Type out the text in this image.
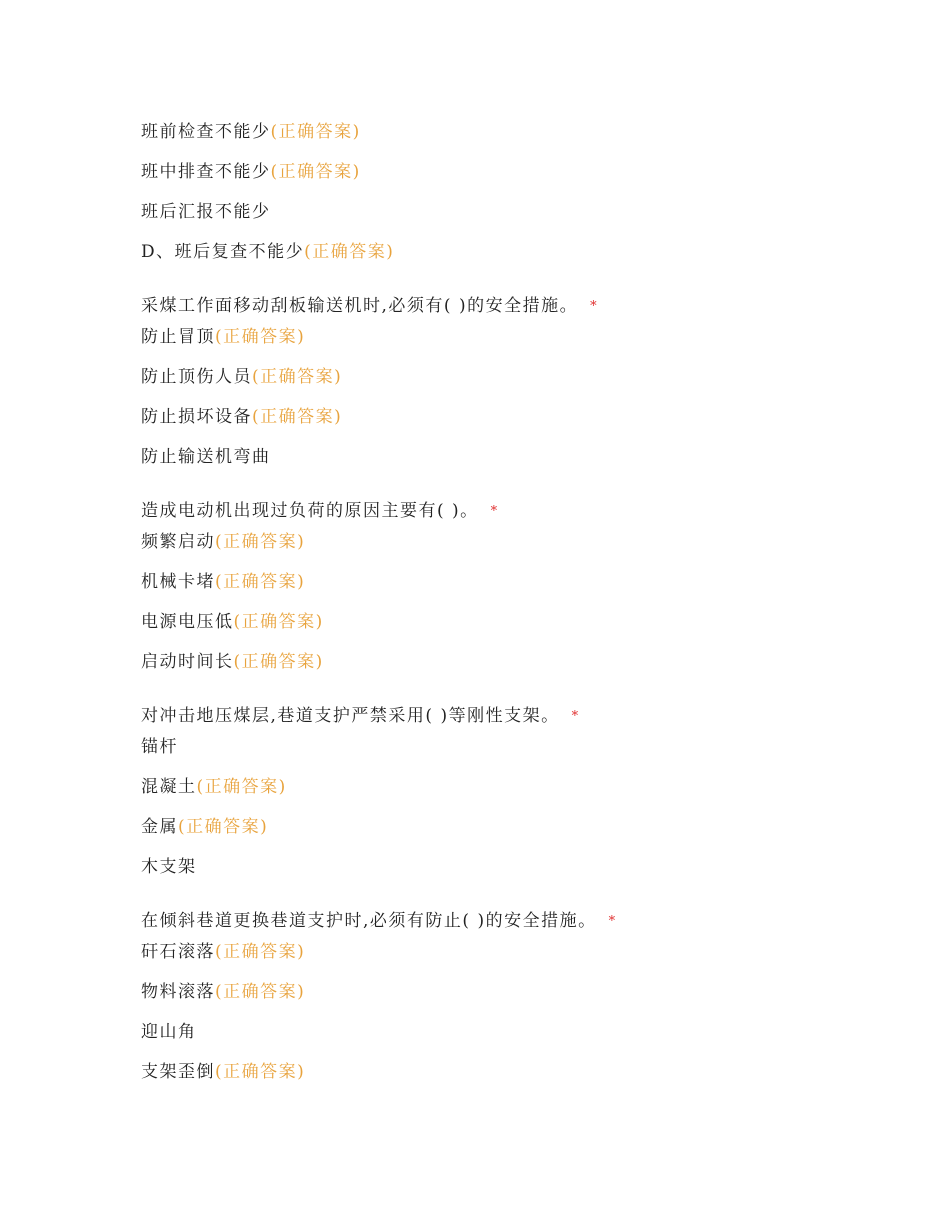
班前检查不能少(正确答案)
班中排查不能少(正确答案)
班后汇报不能少
D、班后复查不能少(正确答案)
采煤工作面移动刮板输送机时,必须有( )的安全措施。 *
防止冒顶(正确答案)
防止顶伤人员(正确答案)
防止损坏设备(正确答案)
防止输送机弯曲
造成电动机出现过负荷的原因主要有( )。 *
频繁启动(正确答案)
机械卡堵(正确答案)
电源电压低(正确答案)
启动时间长(正确答案)
对冲击地压煤层,巷道支护严禁采用( )等刚性支架。 *
锚杆
混凝土(正确答案)
金属(正确答案)
木支架
在倾斜巷道更换巷道支护时,必须有防止( )的安全措施。 *
矸石滚落(正确答案)
物料滚落(正确答案)
迎山角
支架歪倒(正确答案)
